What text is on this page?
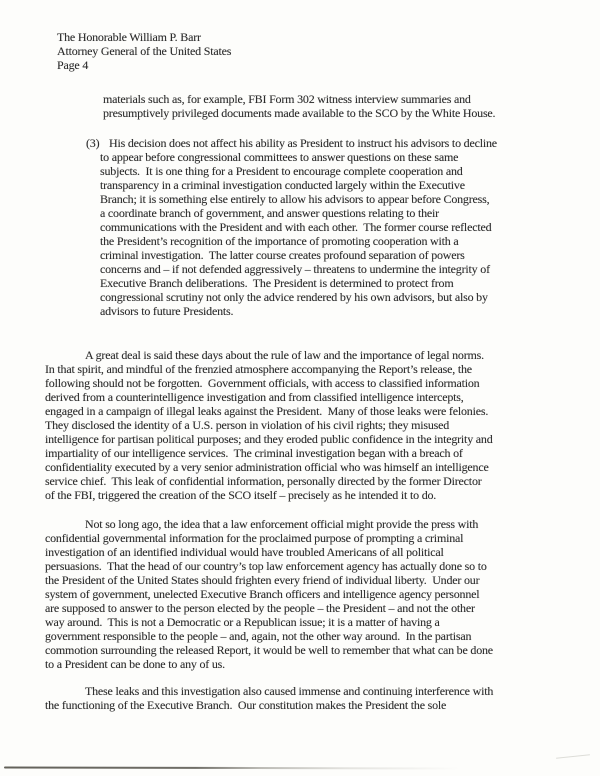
The Honorable William P. Barr
Attorney General of the United States
Page 4
materials such as, for example, FBI Form 302 witness interview summaries and
presumptively privileged documents made available to the SCO by the White House.
(3) His decision does not affect his ability as President to instruct his advisors to decline
to appear before congressional committees to answer questions on these same
subjects.  It is one thing for a President to encourage complete cooperation and
transparency in a criminal investigation conducted largely within the Executive
Branch; it is something else entirely to allow his advisors to appear before Congress,
a coordinate branch of government, and answer questions relating to their
communications with the President and with each other.  The former course reflected
the President’s recognition of the importance of promoting cooperation with a
criminal investigation.  The latter course creates profound separation of powers
concerns and – if not defended aggressively – threatens to undermine the integrity of
Executive Branch deliberations.  The President is determined to protect from
congressional scrutiny not only the advice rendered by his own advisors, but also by
advisors to future Presidents.
A great deal is said these days about the rule of law and the importance of legal norms.
In that spirit, and mindful of the frenzied atmosphere accompanying the Report’s release, the
following should not be forgotten.  Government officials, with access to classified information
derived from a counterintelligence investigation and from classified intelligence intercepts,
engaged in a campaign of illegal leaks against the President.  Many of those leaks were felonies.
They disclosed the identity of a U.S. person in violation of his civil rights; they misused
intelligence for partisan political purposes; and they eroded public confidence in the integrity and
impartiality of our intelligence services.  The criminal investigation began with a breach of
confidentiality executed by a very senior administration official who was himself an intelligence
service chief.  This leak of confidential information, personally directed by the former Director
of the FBI, triggered the creation of the SCO itself – precisely as he intended it to do.
Not so long ago, the idea that a law enforcement official might provide the press with
confidential governmental information for the proclaimed purpose of prompting a criminal
investigation of an identified individual would have troubled Americans of all political
persuasions.  That the head of our country’s top law enforcement agency has actually done so to
the President of the United States should frighten every friend of individual liberty.  Under our
system of government, unelected Executive Branch officers and intelligence agency personnel
are supposed to answer to the person elected by the people – the President – and not the other
way around.  This is not a Democratic or a Republican issue; it is a matter of having a
government responsible to the people – and, again, not the other way around.  In the partisan
commotion surrounding the released Report, it would be well to remember that what can be done
to a President can be done to any of us.
These leaks and this investigation also caused immense and continuing interference with
the functioning of the Executive Branch.  Our constitution makes the President the sole
